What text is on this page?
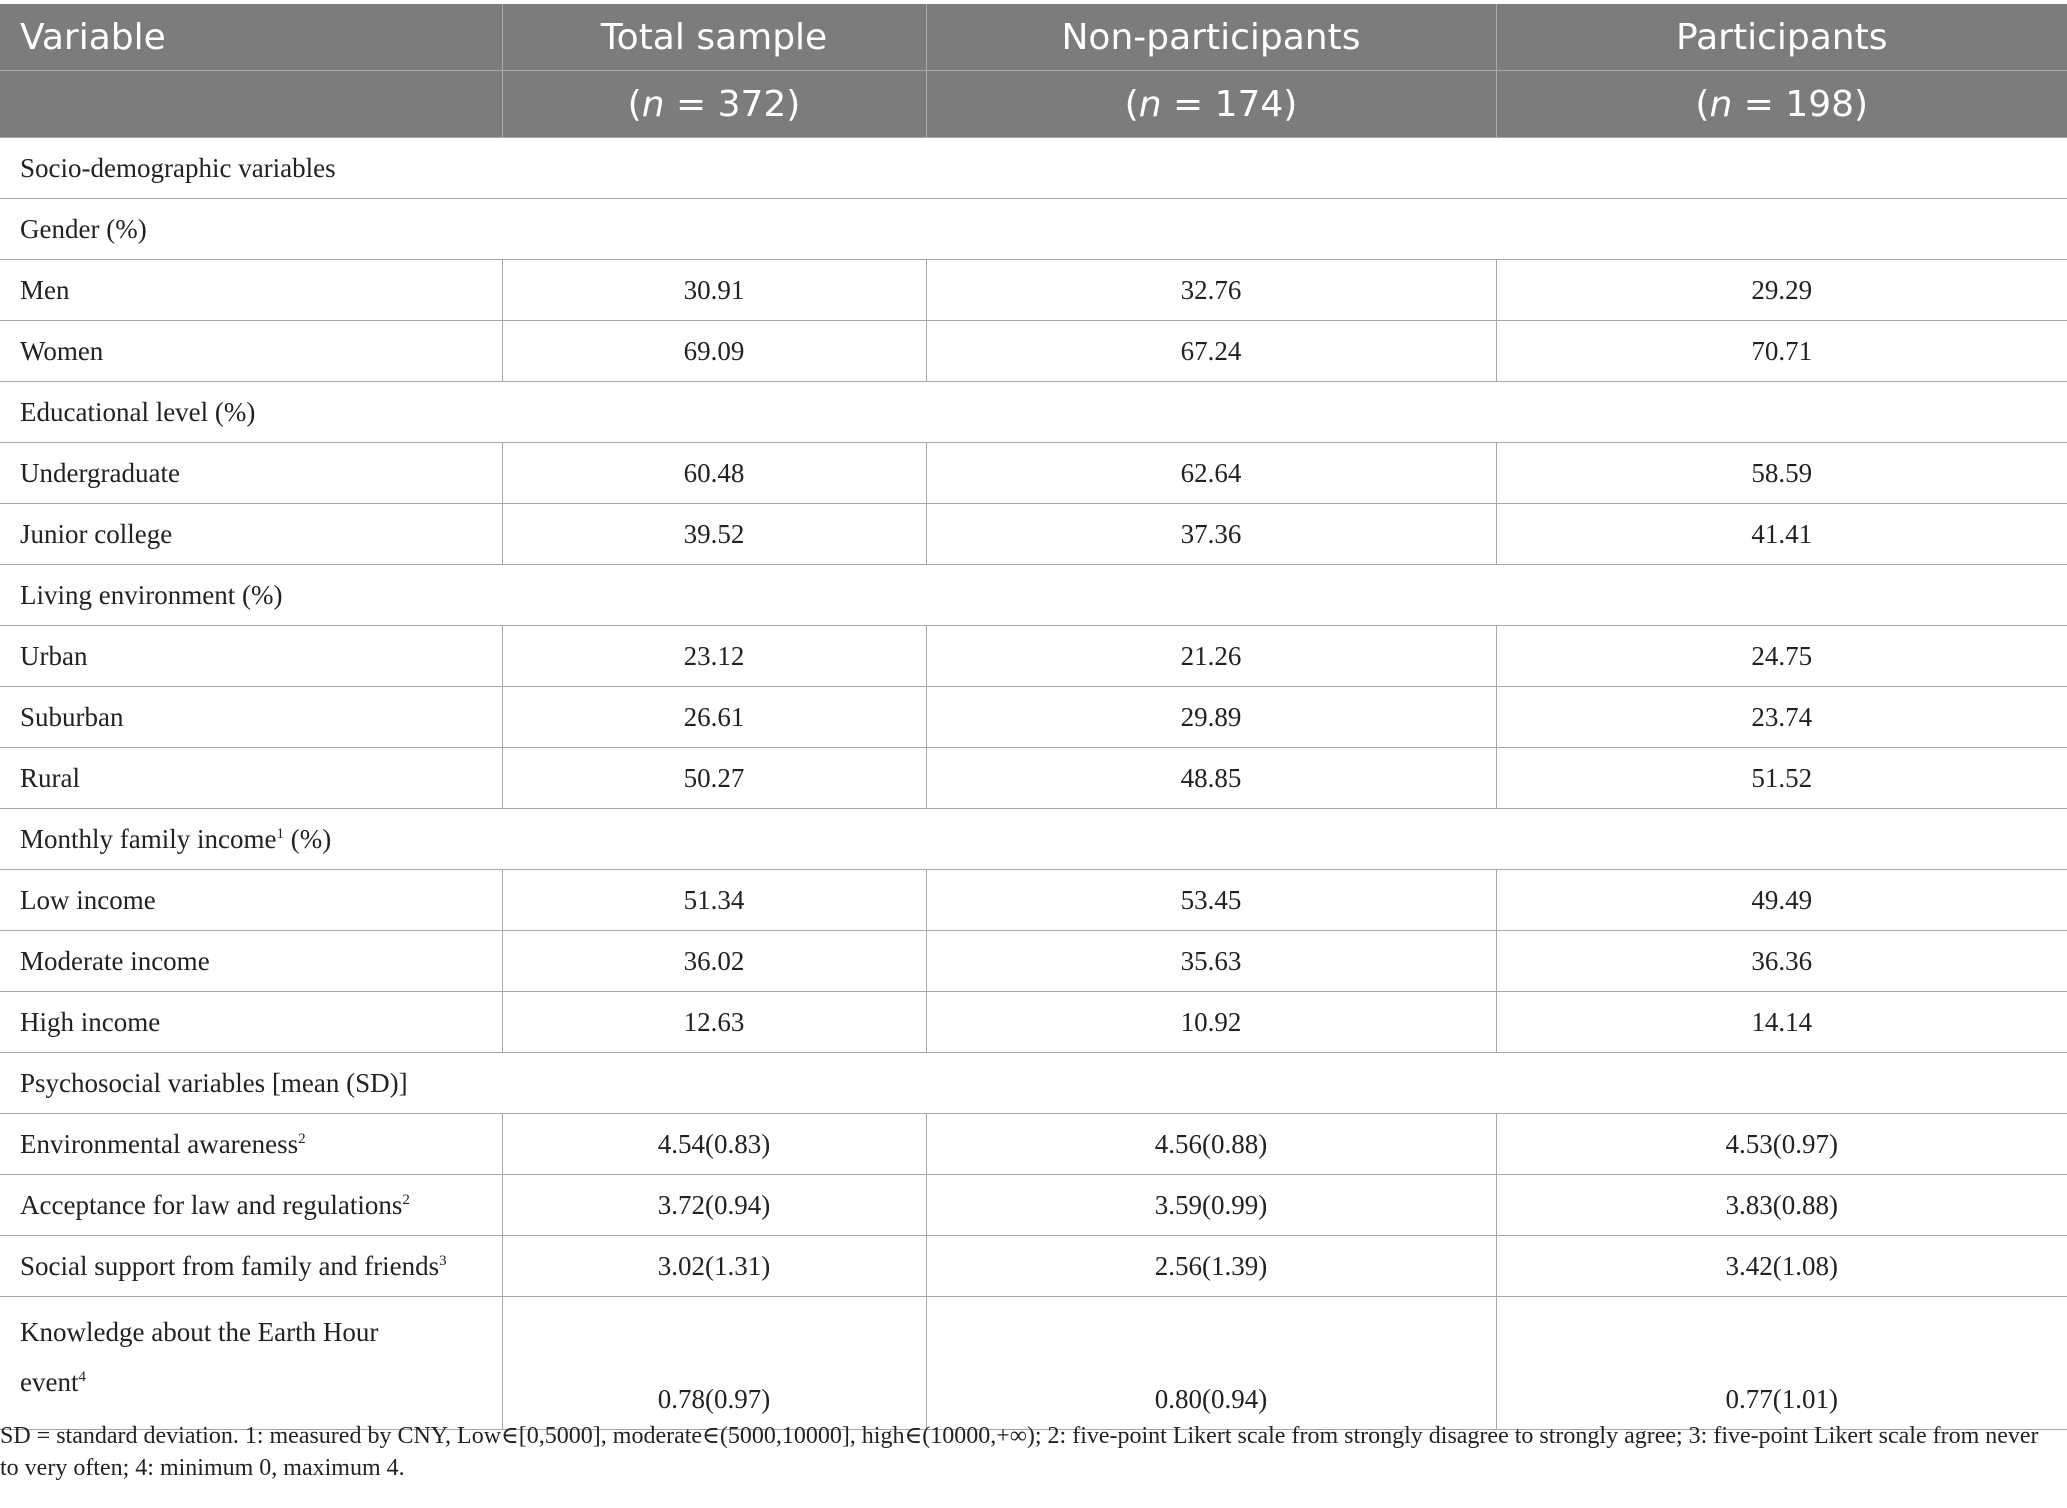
Variable	Total sample	Non-participants	Participants
	(n = 372)	(n = 174)	(n = 198)
Socio-demographic variables			
Gender (%)			
Men	30.91	32.76	29.29
Women	69.09	67.24	70.71
Educational level (%)			
Undergraduate	60.48	62.64	58.59
Junior college	39.52	37.36	41.41
Living environment (%)			
Urban	23.12	21.26	24.75
Suburban	26.61	29.89	23.74
Rural	50.27	48.85	51.52
Monthly family income$^1$ (%)			
Low income	51.34	53.45	49.49
Moderate income	36.02	35.63	36.36
High income	12.63	10.92	14.14
Psychosocial variables [mean (SD)]			
Environmental awareness$^2$	4.54(0.83)	4.56(0.88)	4.53(0.97)
Acceptance for law and regulations$^2$	3.72(0.94)	3.59(0.99)	3.83(0.88)
Social support from family and friends$^3$	3.02(1.31)	2.56(1.39)	3.42(1.08)
Knowledge about the Earth Hour
event$^4$	0.78(0.97)	0.80(0.94)	0.77(1.01)
SD = standard deviation. 1: measured by CNY, Low∈[0,5000], moderate∈(5000,10000], high∈(10000,+∞); 2: five-point Likert scale from strongly disagree to strongly agree; 3: five-point Likert scale from never to very often; 4: minimum 0, maximum 4.
